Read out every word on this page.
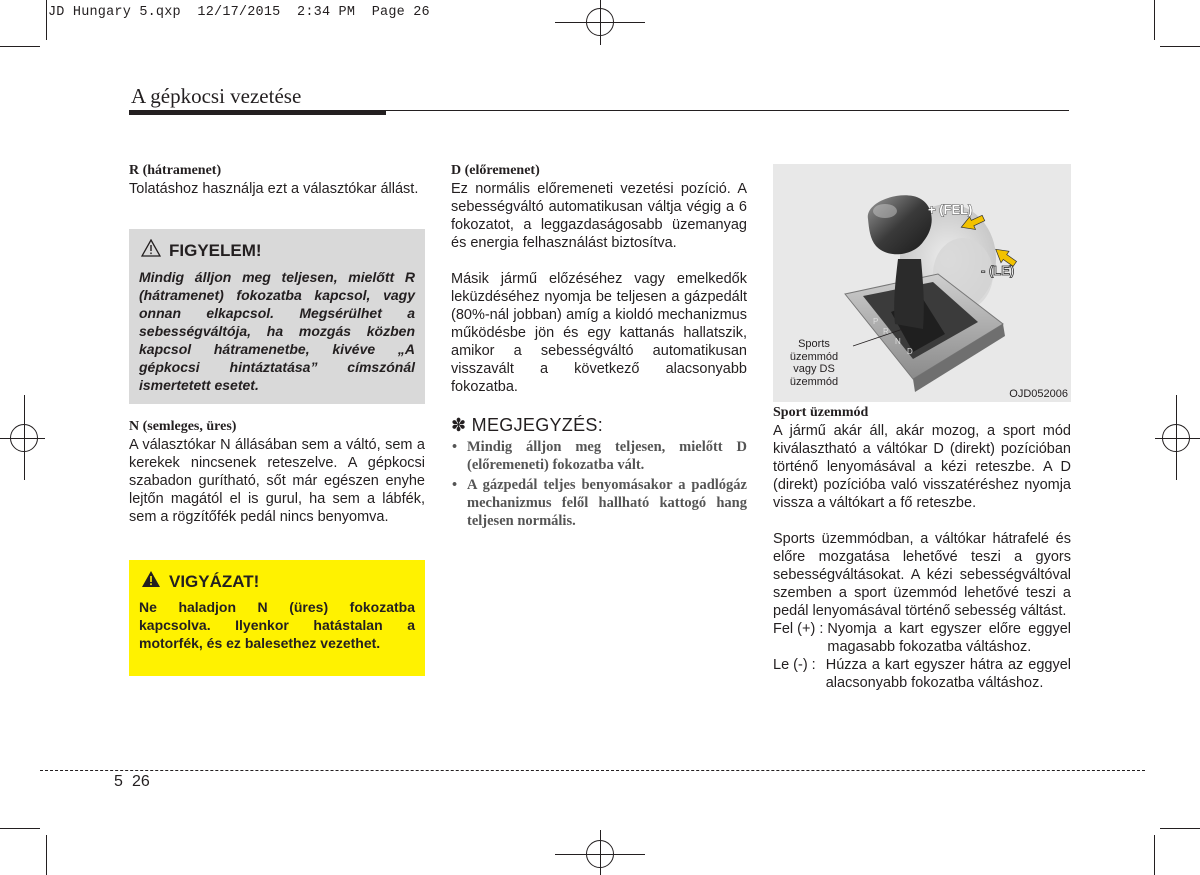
JD Hungary 5.qxp  12/17/2015  2:34 PM  Page 26
A gépkocsi vezetése
R (hátramenet)
Tolatáshoz használja ezt a választókar állást.
FIGYELEM!
Mindig álljon meg teljesen, mielőtt R (hátramenet) fokozatba kapcsol, vagy onnan elkapcsol. Megsérülhet a sebességváltója, ha mozgás közben kapcsol hátramenetbe, kivéve „A gépkocsi hintáztatása” címszónál ismertetett esetet.
N (semleges, üres)
A választókar N állásában sem a váltó, sem a kerekek nincsenek reteszelve. A gépkocsi szabadon gurítható, sőt már egészen enyhe lejtőn magától el is gurul, ha sem a lábfék, sem a rögzítőfék pedál nincs benyomva.
VIGYÁZAT!
Ne haladjon N (üres) fokozatba kapcsolva. Ilyenkor hatástalan a motorfék, és ez balesethez vezethet.
D (előremenet)
Ez normális előremeneti vezetési pozíció. A sebességváltó automatikusan váltja végig a 6 fokozatot, a leggazdaságosabb üzemanyag és energia felhasználást biztosítva.
Másik jármű előzéséhez vagy emelkedők leküzdéséhez nyomja be teljesen a gázpedált (80%-nál jobban) amíg a kioldó mechanizmus működésbe jön és egy kattanás hallatszik, amikor a sebességváltó automatikusan visszavált a következő alacsonyabb fokozatba.
✽ MEGJEGYZÉS:
• Mindig álljon meg teljesen, mielőtt D (előremeneti) fokozatba vált.
• A gázpedál teljes benyomásakor a padlógáz mechanizmus felől hallható kattogó hang teljesen normális.
P
R
N
D
+ (FEL)
- (LE)
Sports üzemmód vagy DS üzemmód
OJD052006
Sport üzemmód
A jármű akár áll, akár mozog, a sport mód kiválasztható a váltókar D (direkt) pozícióban történő lenyomásával a kézi reteszbe. A D (direkt) pozícióba való visszatéréshez nyomja vissza a váltókart a fő reteszbe.
Sports üzemmódban, a váltókar hátrafelé és előre mozgatása lehetővé teszi a gyors sebességváltásokat. A kézi sebességváltóval szemben a sport üzemmód lehetővé teszi a pedál lenyomásával történő sebesség váltást.
Fel (+) : Nyomja a kart egyszer előre eggyel magasabb fokozatba váltáshoz.
Le (-) : Húzza a kart egyszer hátra az eggyel alacsonyabb fokozatba váltáshoz.
5 26
